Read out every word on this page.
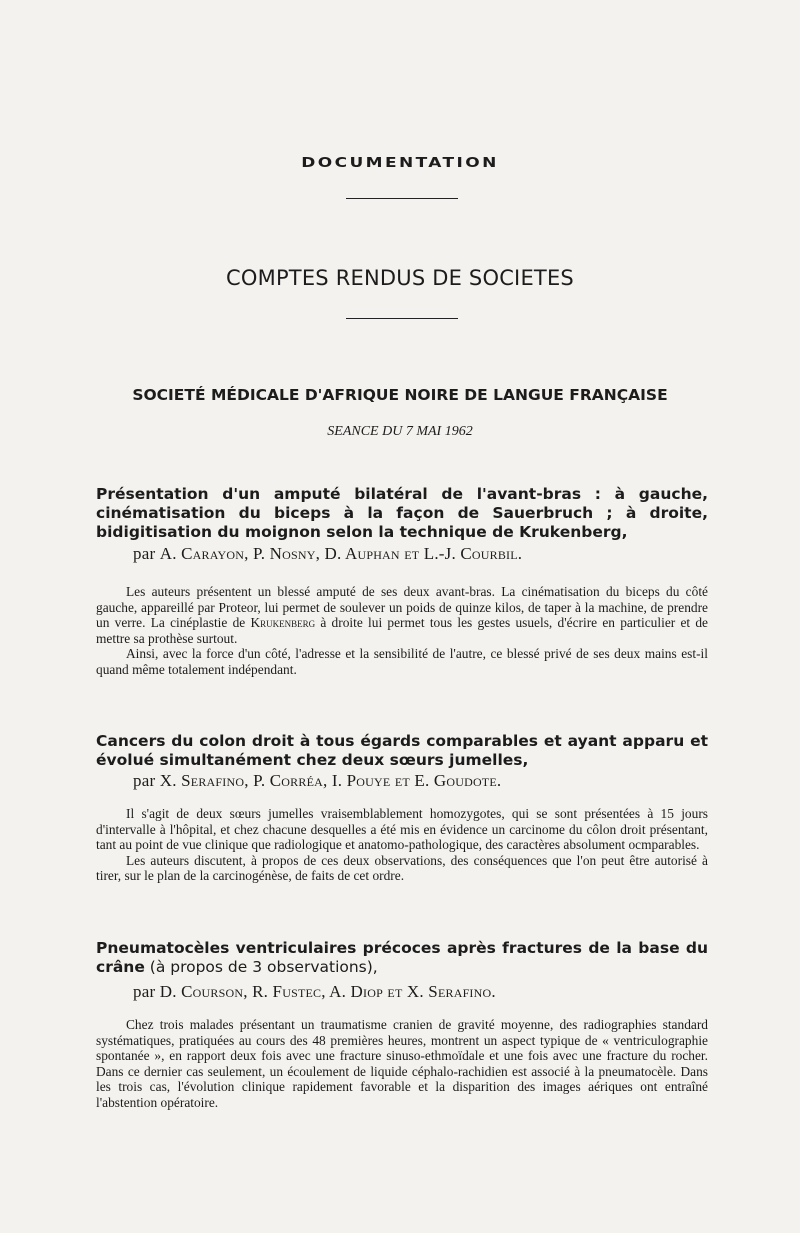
DOCUMENTATION
COMPTES RENDUS DE SOCIETES
SOCIETÉ MÉDICALE D'AFRIQUE NOIRE DE LANGUE FRANÇAISE
SEANCE DU 7 MAI 1962
Présentation d'un amputé bilatéral de l'avant-bras : à gauche, cinématisation du biceps à la façon de Sauerbruch ; à droite, bidigitisation du moignon selon la technique de Krukenberg,
par A. Carayon, P. Nosny, D. Auphan et L.-J. Courbil.

Les auteurs présentent un blessé amputé de ses deux avant-bras. La cinématisation du biceps du côté gauche, appareillé par Proteor, lui permet de soulever un poids de quinze kilos, de taper à la machine, de prendre un verre. La cinéplastie de Krukenberg à droite lui permet tous les gestes usuels, d'écrire en particulier et de mettre sa prothèse surtout.

Ainsi, avec la force d'un côté, l'adresse et la sensibilité de l'autre, ce blessé privé de ses deux mains est-il quand même totalement indépendant.

Cancers du colon droit à tous égards comparables et ayant apparu et évolué simultanément chez deux sœurs jumelles,
par X. Serafino, P. Corréa, I. Pouye et E. Goudote.

Il s'agit de deux sœurs jumelles vraisemblablement homozygotes, qui se sont présentées à 15 jours d'intervalle à l'hôpital, et chez chacune desquelles a été mis en évidence un carcinome du côlon droit présentant, tant au point de vue clinique que radiologique et anatomo-pathologique, des caractères absolument ocmparables.

Les auteurs discutent, à propos de ces deux observations, des conséquences que l'on peut être autorisé à tirer, sur le plan de la carcinogénèse, de faits de cet ordre.

Pneumatocèles ventriculaires précoces après fractures de la base du crâne (à propos de 3 observations),
par D. Courson, R. Fustec, A. Diop et X. Serafino.

Chez trois malades présentant un traumatisme cranien de gravité moyenne, des radiographies standard systématiques, pratiquées au cours des 48 premières heures, montrent un aspect typique de « ventriculographie spontanée », en rapport deux fois avec une fracture sinuso-ethmoïdale et une fois avec une fracture du rocher. Dans ce dernier cas seulement, un écoulement de liquide céphalo-rachidien est associé à la pneumatocèle. Dans les trois cas, l'évolution clinique rapidement favorable et la disparition des images aériques ont entraîné l'abstention opératoire.
